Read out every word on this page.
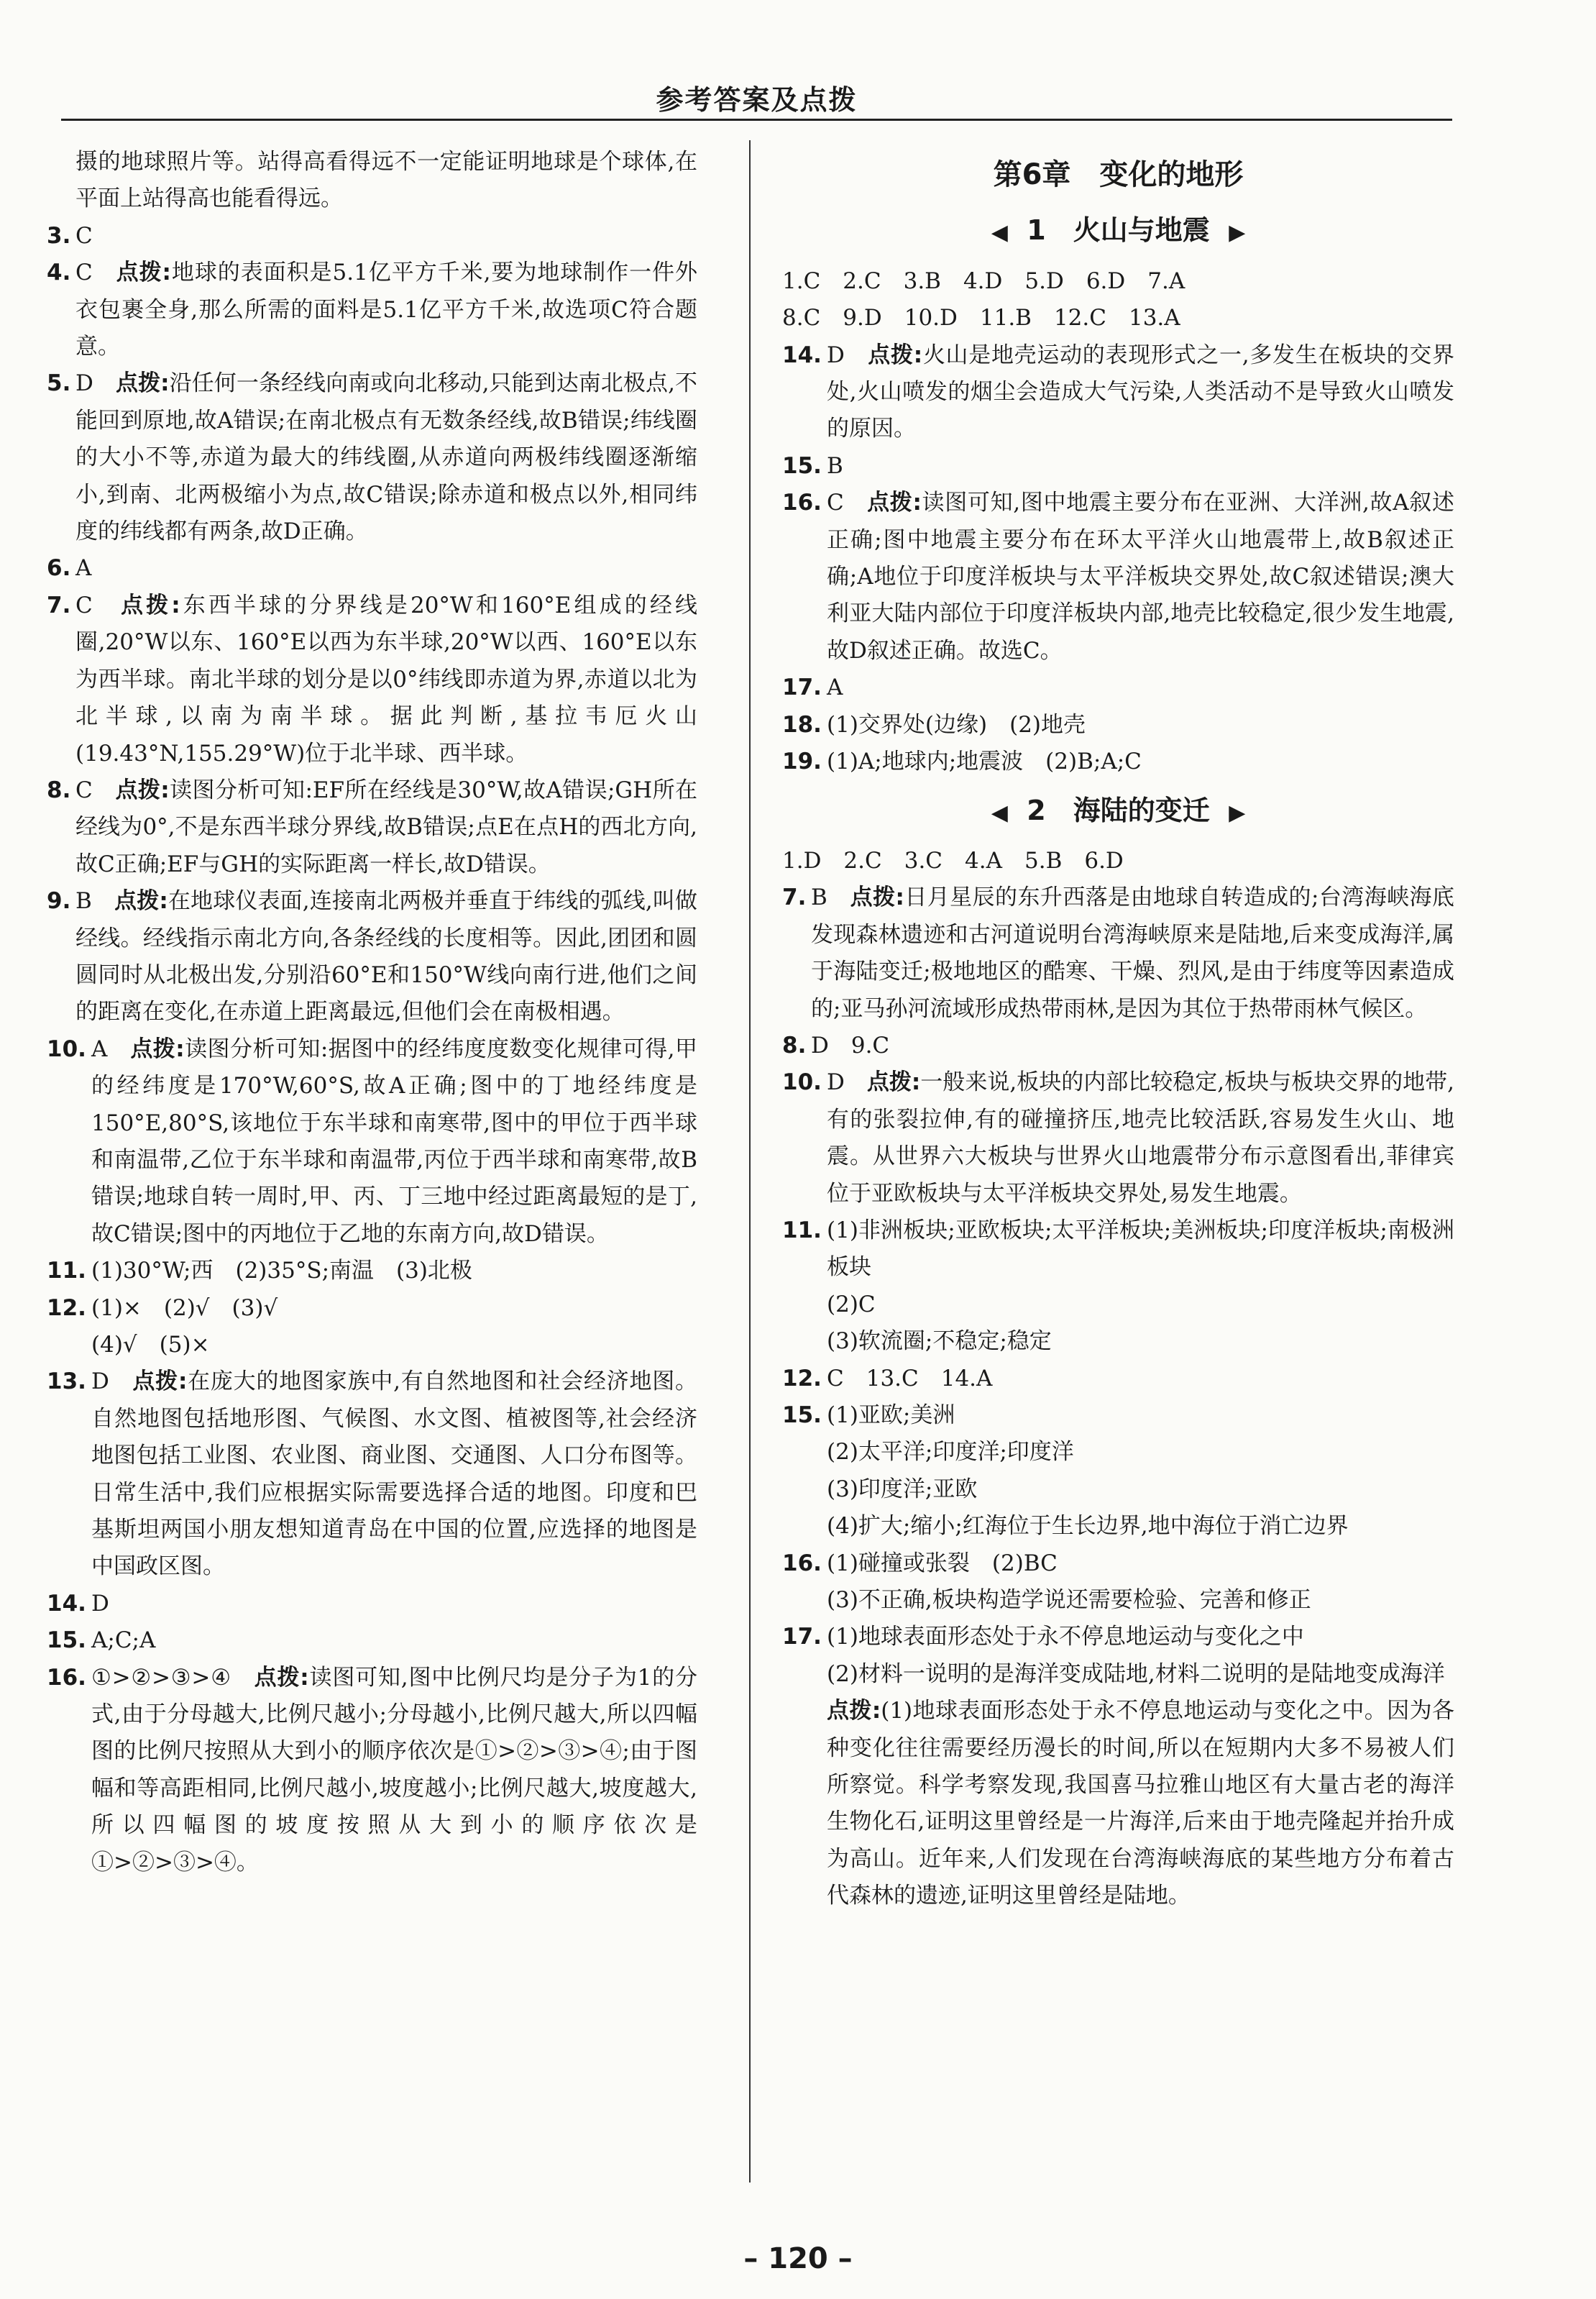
参考答案及点拨
摄的地球照片等。站得高看得远不一定能证明地球是个球体,在平面上站得高也能看得远。
3. C
4. C　点拨:地球的表面积是5.1亿平方千米,要为地球制作一件外衣包裹全身,那么所需的面料是5.1亿平方千米,故选项C符合题意。
5. D　点拨:沿任何一条经线向南或向北移动,只能到达南北极点,不能回到原地,故A错误;在南北极点有无数条经线,故B错误;纬线圈的大小不等,赤道为最大的纬线圈,从赤道向两极纬线圈逐渐缩小,到南、北两极缩小为点,故C错误;除赤道和极点以外,相同纬度的纬线都有两条,故D正确。
6. A
7. C　点拨:东西半球的分界线是20°W和160°E组成的经线圈,20°W以东、160°E以西为东半球,20°W以西、160°E以东为西半球。南北半球的划分是以0°纬线即赤道为界,赤道以北为北半球,以南为南半球。据此判断,基拉韦厄火山(19.43°N,155.29°W)位于北半球、西半球。
8. C　点拨:读图分析可知:EF所在经线是30°W,故A错误;GH所在经线为0°,不是东西半球分界线,故B错误;点E在点H的西北方向,故C正确;EF与GH的实际距离一样长,故D错误。
9. B　点拨:在地球仪表面,连接南北两极并垂直于纬线的弧线,叫做经线。经线指示南北方向,各条经线的长度相等。因此,团团和圆圆同时从北极出发,分别沿60°E和150°W线向南行进,他们之间的距离在变化,在赤道上距离最远,但他们会在南极相遇。
10. A　点拨:读图分析可知:据图中的经纬度度数变化规律可得,甲的经纬度是170°W,60°S,故A正确;图中的丁地经纬度是150°E,80°S,该地位于东半球和南寒带,图中的甲位于西半球和南温带,乙位于东半球和南温带,丙位于西半球和南寒带,故B错误;地球自转一周时,甲、丙、丁三地中经过距离最短的是丁,故C错误;图中的丙地位于乙地的东南方向,故D错误。
11. (1)30°W;西　(2)35°S;南温　(3)北极
12. (1)×　(2)√　(3)√
(4)√　(5)×
13. D　点拨:在庞大的地图家族中,有自然地图和社会经济地图。自然地图包括地形图、气候图、水文图、植被图等,社会经济地图包括工业图、农业图、商业图、交通图、人口分布图等。日常生活中,我们应根据实际需要选择合适的地图。印度和巴基斯坦两国小朋友想知道青岛在中国的位置,应选择的地图是中国政区图。
14. D
15. A;C;A
16. ①>②>③>④　点拨:读图可知,图中比例尺均是分子为1的分式,由于分母越大,比例尺越小;分母越小,比例尺越大,所以四幅图的比例尺按照从大到小的顺序依次是①>②>③>④;由于图幅和等高距相同,比例尺越小,坡度越小;比例尺越大,坡度越大,所以四幅图的坡度按照从大到小的顺序依次是①>②>③>④。
第6章　变化的地形
◀ 1　火山与地震 ▶
1.C　2.C　3.B　4.D　5.D　6.D　7.A
8.C　9.D　10.D　11.B　12.C　13.A
14. D　点拨:火山是地壳运动的表现形式之一,多发生在板块的交界处,火山喷发的烟尘会造成大气污染,人类活动不是导致火山喷发的原因。
15. B
16. C　点拨:读图可知,图中地震主要分布在亚洲、大洋洲,故A叙述正确;图中地震主要分布在环太平洋火山地震带上,故B叙述正确;A地位于印度洋板块与太平洋板块交界处,故C叙述错误;澳大利亚大陆内部位于印度洋板块内部,地壳比较稳定,很少发生地震,故D叙述正确。故选C。
17. A
18. (1)交界处(边缘)　(2)地壳
19. (1)A;地球内;地震波　(2)B;A;C
◀ 2　海陆的变迁 ▶
1.D　2.C　3.C　4.A　5.B　6.D
7. B　点拨:日月星辰的东升西落是由地球自转造成的;台湾海峡海底发现森林遗迹和古河道说明台湾海峡原来是陆地,后来变成海洋,属于海陆变迁;极地地区的酷寒、干燥、烈风,是由于纬度等因素造成的;亚马孙河流域形成热带雨林,是因为其位于热带雨林气候区。
8. D　9.C
10. D　点拨:一般来说,板块的内部比较稳定,板块与板块交界的地带,有的张裂拉伸,有的碰撞挤压,地壳比较活跃,容易发生火山、地震。从世界六大板块与世界火山地震带分布示意图看出,菲律宾位于亚欧板块与太平洋板块交界处,易发生地震。
11. (1)非洲板块;亚欧板块;太平洋板块;美洲板块;印度洋板块;南极洲板块
(2)C
(3)软流圈;不稳定;稳定
12. C　13.C　14.A
15. (1)亚欧;美洲
(2)太平洋;印度洋;印度洋
(3)印度洋;亚欧
(4)扩大;缩小;红海位于生长边界,地中海位于消亡边界
16. (1)碰撞或张裂　(2)BC
(3)不正确,板块构造学说还需要检验、完善和修正
17. (1)地球表面形态处于永不停息地运动与变化之中
(2)材料一说明的是海洋变成陆地,材料二说明的是陆地变成海洋
点拨:(1)地球表面形态处于永不停息地运动与变化之中。因为各种变化往往需要经历漫长的时间,所以在短期内大多不易被人们所察觉。科学考察发现,我国喜马拉雅山地区有大量古老的海洋生物化石,证明这里曾经是一片海洋,后来由于地壳隆起并抬升成为高山。近年来,人们发现在台湾海峡海底的某些地方分布着古代森林的遗迹,证明这里曾经是陆地。
– 120 –
